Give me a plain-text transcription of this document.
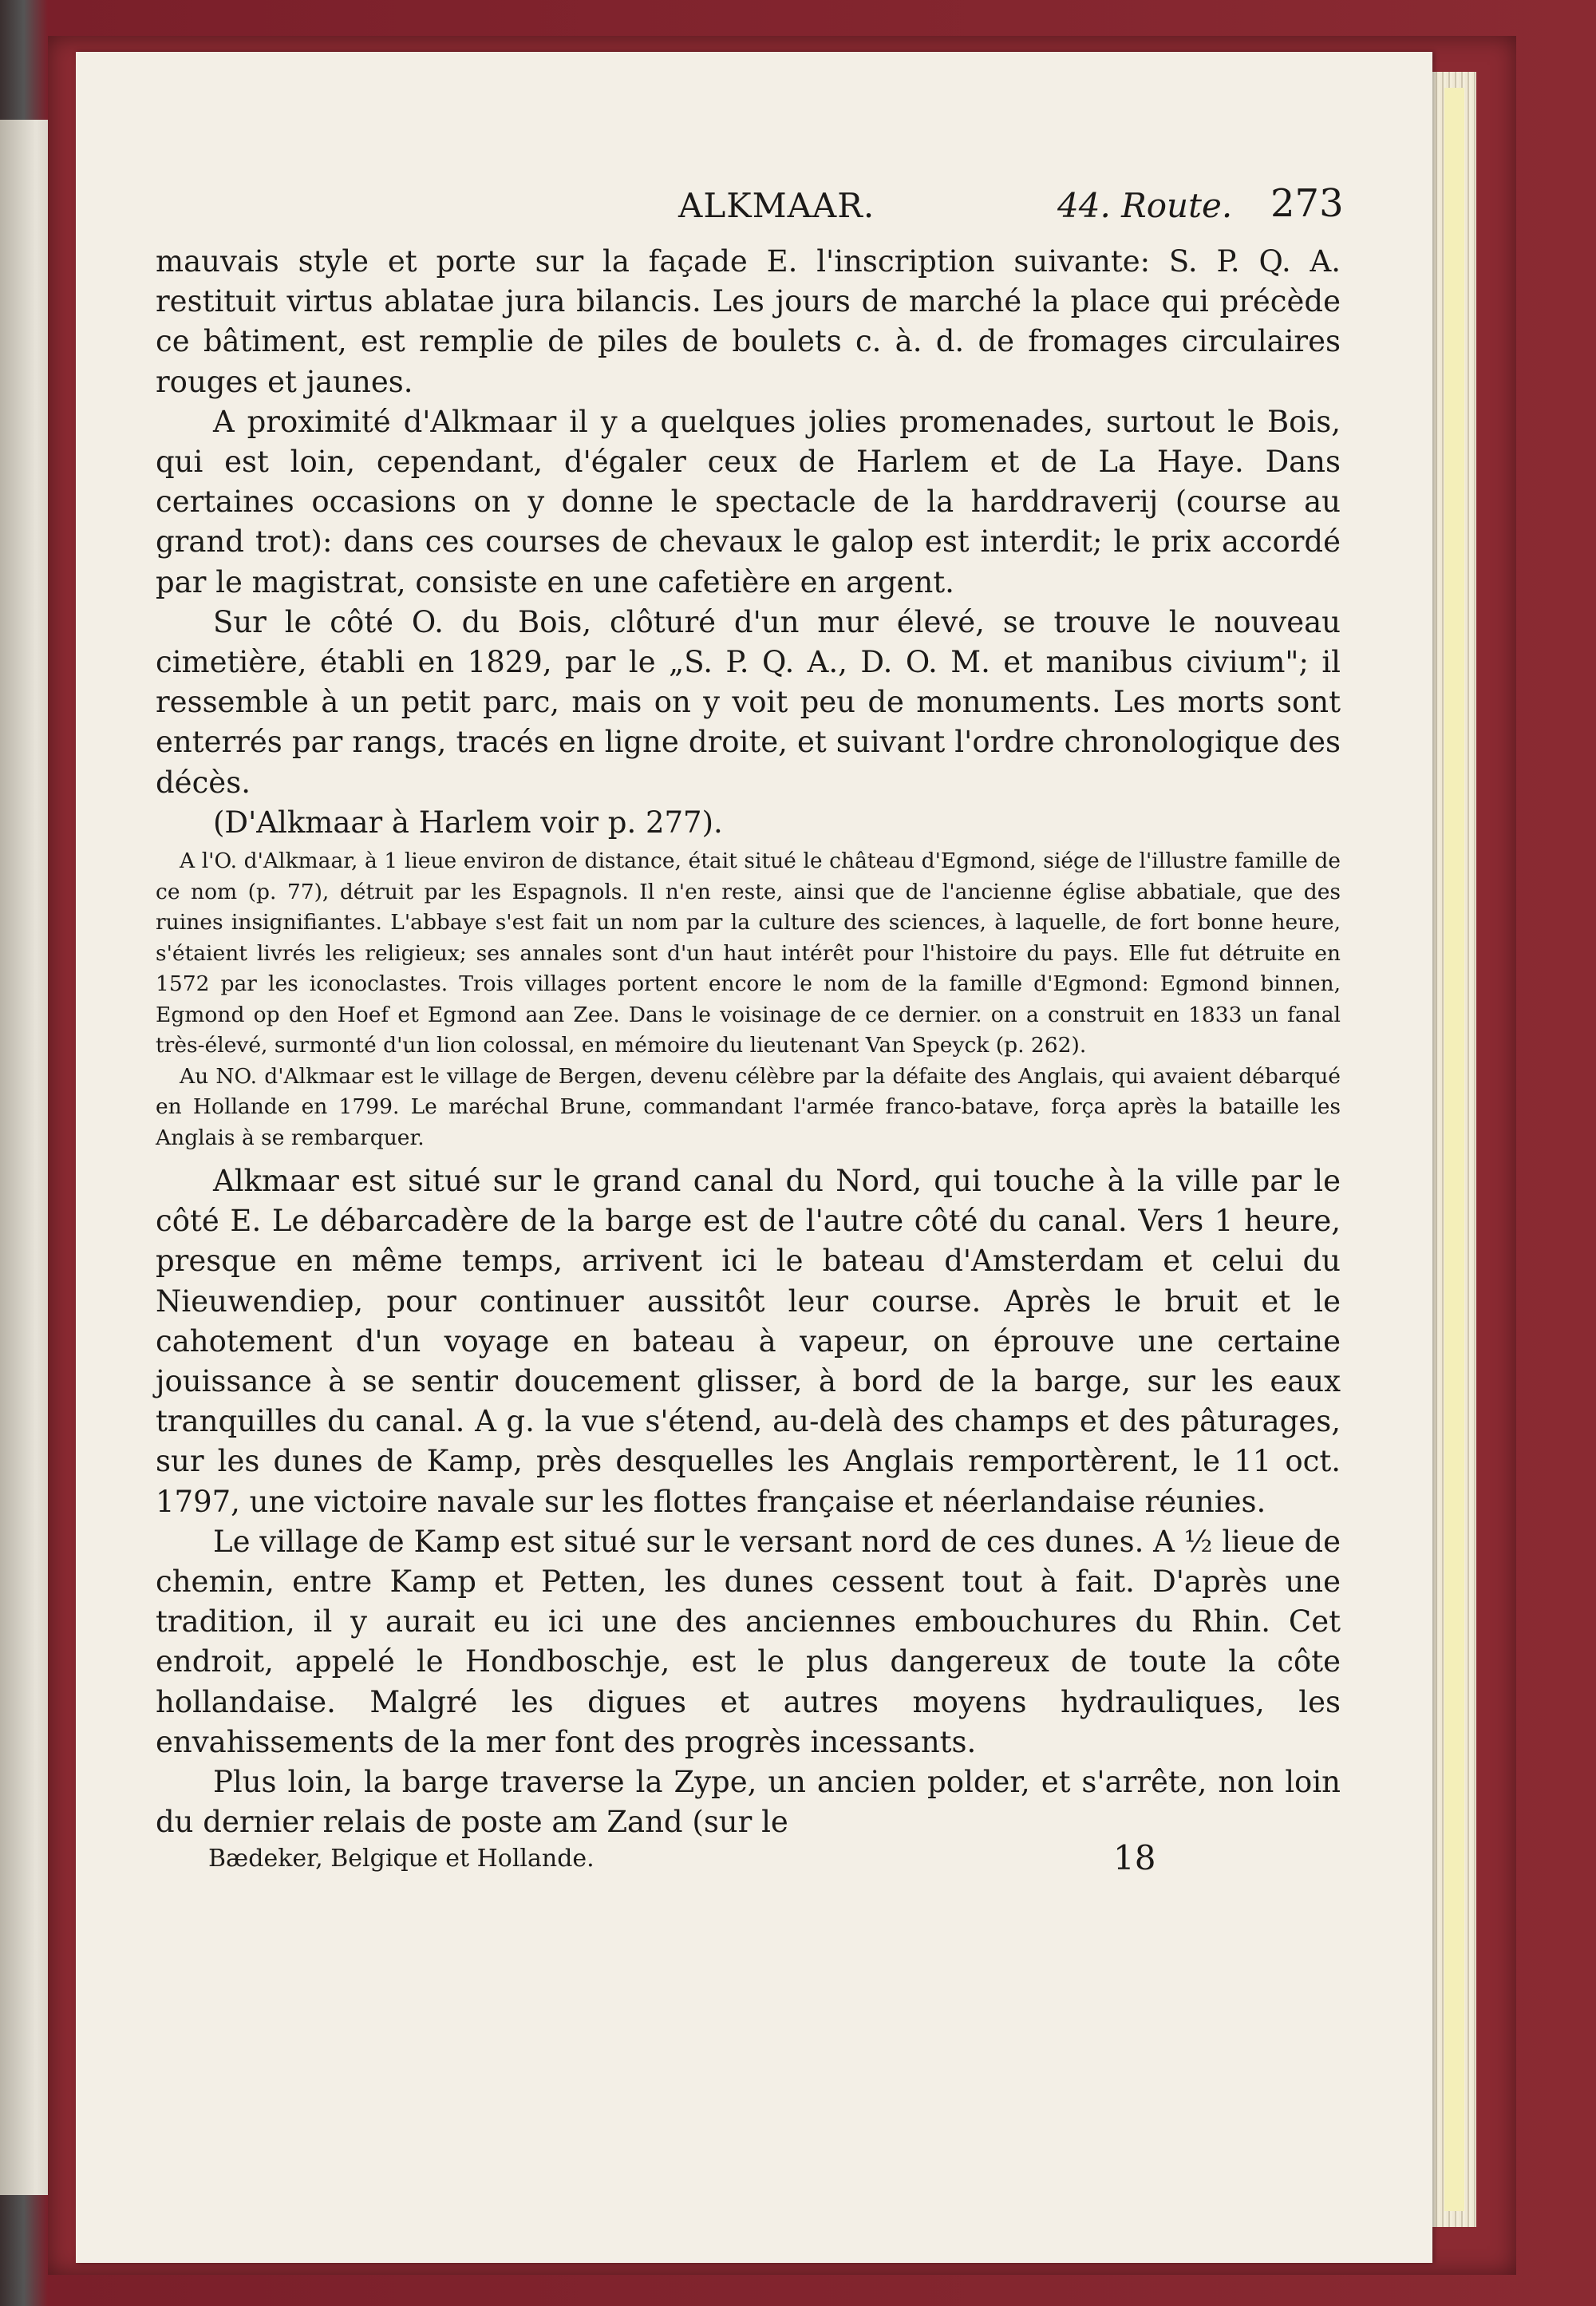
ALKMAAR.	44. Route. 273

mauvais style et porte sur la façade E. l'inscription suivante: S. P. Q. A. restituit virtus ablatae jura bilancis. Les jours de marché la place qui précède ce bâtiment, est remplie de piles de boulets c. à. d. de fromages circulaires rouges et jaunes.

A proximité d'Alkmaar il y a quelques jolies promenades, surtout le Bois, qui est loin, cependant, d'égaler ceux de Harlem et de La Haye. Dans certaines occasions on y donne le spectacle de la harddraverij (course au grand trot): dans ces courses de chevaux le galop est interdit; le prix accordé par le magistrat, consiste en une cafetière en argent.

Sur le côté O. du Bois, clôturé d'un mur élevé, se trouve le nouveau cimetière, établi en 1829, par le „S. P. Q. A., D. O. M. et manibus civium"; il ressemble à un petit parc, mais on y voit peu de monuments. Les morts sont enterrés par rangs, tracés en ligne droite, et suivant l'ordre chronologique des décès.

(D'Alkmaar à Harlem voir p. 277).

A l'O. d'Alkmaar, à 1 lieue environ de distance, était situé le château d'Egmond, siége de l'illustre famille de ce nom (p. 77), détruit par les Espagnols. Il n'en reste, ainsi que de l'ancienne église abbatiale, que des ruines insignifiantes. L'abbaye s'est fait un nom par la culture des sciences, à laquelle, de fort bonne heure, s'étaient livrés les religieux; ses annales sont d'un haut intérêt pour l'histoire du pays. Elle fut détruite en 1572 par les iconoclastes. Trois villages portent encore le nom de la famille d'Egmond: Egmond binnen, Egmond op den Hoef et Egmond aan Zee. Dans le voisinage de ce dernier. on a construit en 1833 un fanal très-élevé, surmonté d'un lion colossal, en mémoire du lieutenant Van Speyck (p. 262).

Au NO. d'Alkmaar est le village de Bergen, devenu célèbre par la défaite des Anglais, qui avaient débarqué en Hollande en 1799. Le maréchal Brune, commandant l'armée franco-batave, força après la bataille les Anglais à se rembarquer.

Alkmaar est situé sur le grand canal du Nord, qui touche à la ville par le côté E. Le débarcadère de la barge est de l'autre côté du canal. Vers 1 heure, presque en même temps, arrivent ici le bateau d'Amsterdam et celui du Nieuwendiep, pour continuer aussitôt leur course. Après le bruit et le cahotement d'un voyage en bateau à vapeur, on éprouve une certaine jouissance à se sentir doucement glisser, à bord de la barge, sur les eaux tranquilles du canal. A g. la vue s'étend, au-delà des champs et des pâturages, sur les dunes de Kamp, près desquelles les Anglais remportèrent, le 11 oct. 1797, une victoire navale sur les flottes française et néerlandaise réunies.

Le village de Kamp est situé sur le versant nord de ces dunes. A ½ lieue de chemin, entre Kamp et Petten, les dunes cessent tout à fait. D'après une tradition, il y aurait eu ici une des anciennes embouchures du Rhin. Cet endroit, appelé le Hondboschje, est le plus dangereux de toute la côte hollandaise. Malgré les digues et autres moyens hydrauliques, les envahissements de la mer font des progrès incessants.

Plus loin, la barge traverse la Zype, un ancien polder, et s'arrête, non loin du dernier relais de poste am Zand (sur le

Bædeker, Belgique et Hollande.	18
